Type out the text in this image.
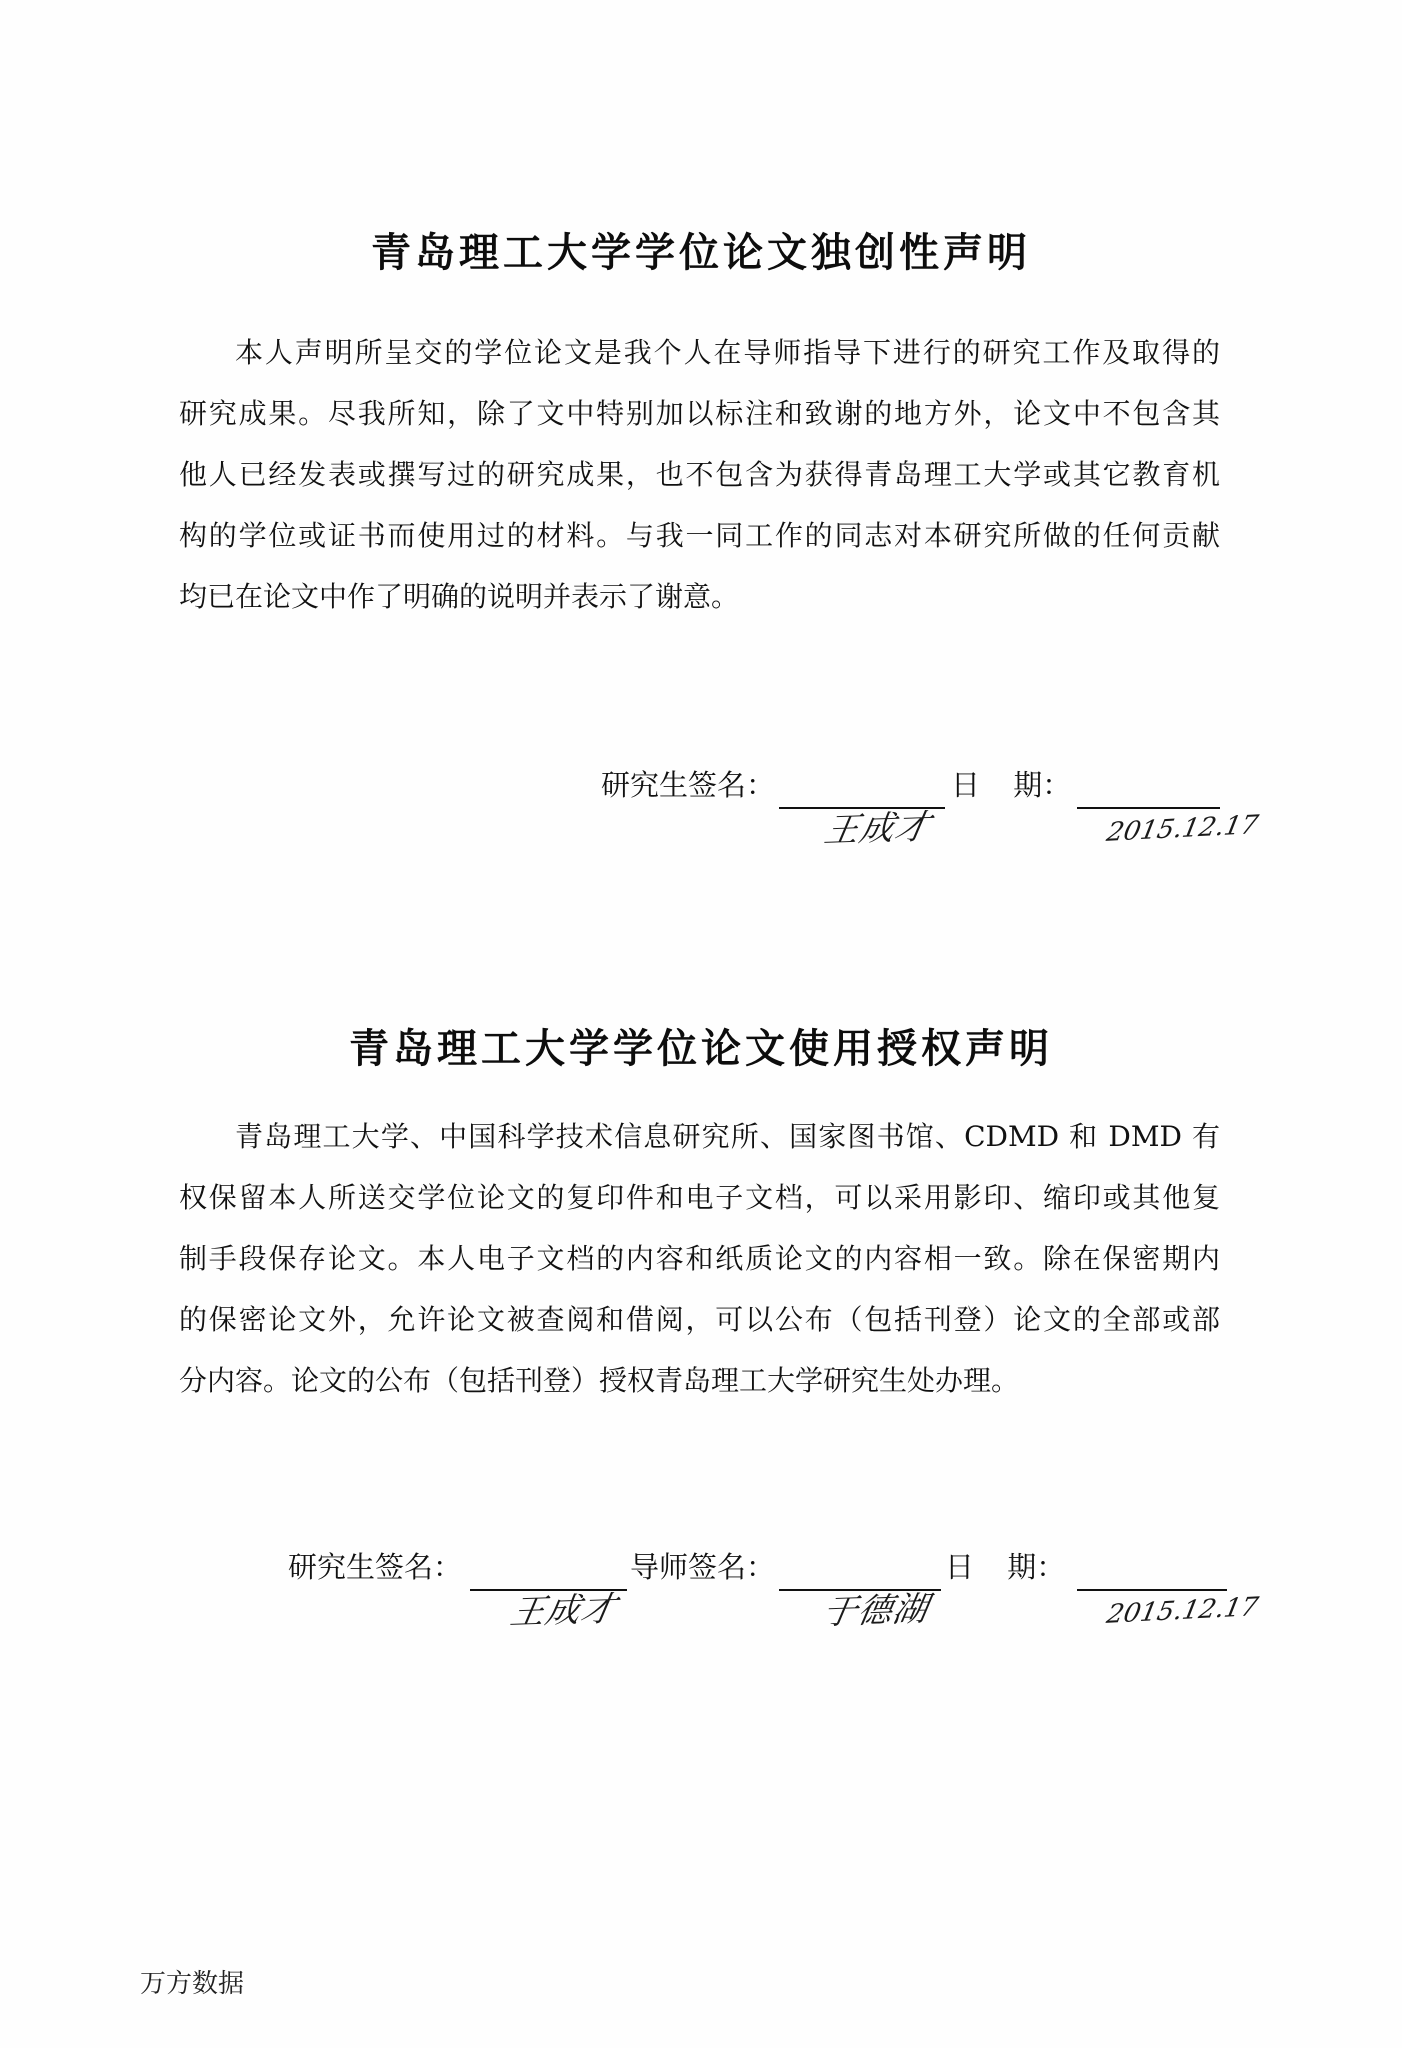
青岛理工大学学位论文独创性声明
本人声明所呈交的学位论文是我个人在导师指导下进行的研究工作及取得的
研究成果。尽我所知，除了文中特别加以标注和致谢的地方外，论文中不包含其
他人已经发表或撰写过的研究成果，也不包含为获得青岛理工大学或其它教育机
构的学位或证书而使用过的材料。与我一同工作的同志对本研究所做的任何贡献
均已在论文中作了明确的说明并表示了谢意。
研究生签名：

王成才

日 期：

2015.12.17

青岛理工大学学位论文使用授权声明
青岛理工大学、中国科学技术信息研究所、国家图书馆、CDMD 和 DMD 有
权保留本人所送交学位论文的复印件和电子文档，可以采用影印、缩印或其他复
制手段保存论文。本人电子文档的内容和纸质论文的内容相一致。除在保密期内
的保密论文外，允许论文被查阅和借阅，可以公布（包括刊登）论文的全部或部
分内容。论文的公布（包括刊登）授权青岛理工大学研究生处办理。
研究生签名：

王成才

导师签名：

于德湖

日 期：

2015.12.17

万方数据
